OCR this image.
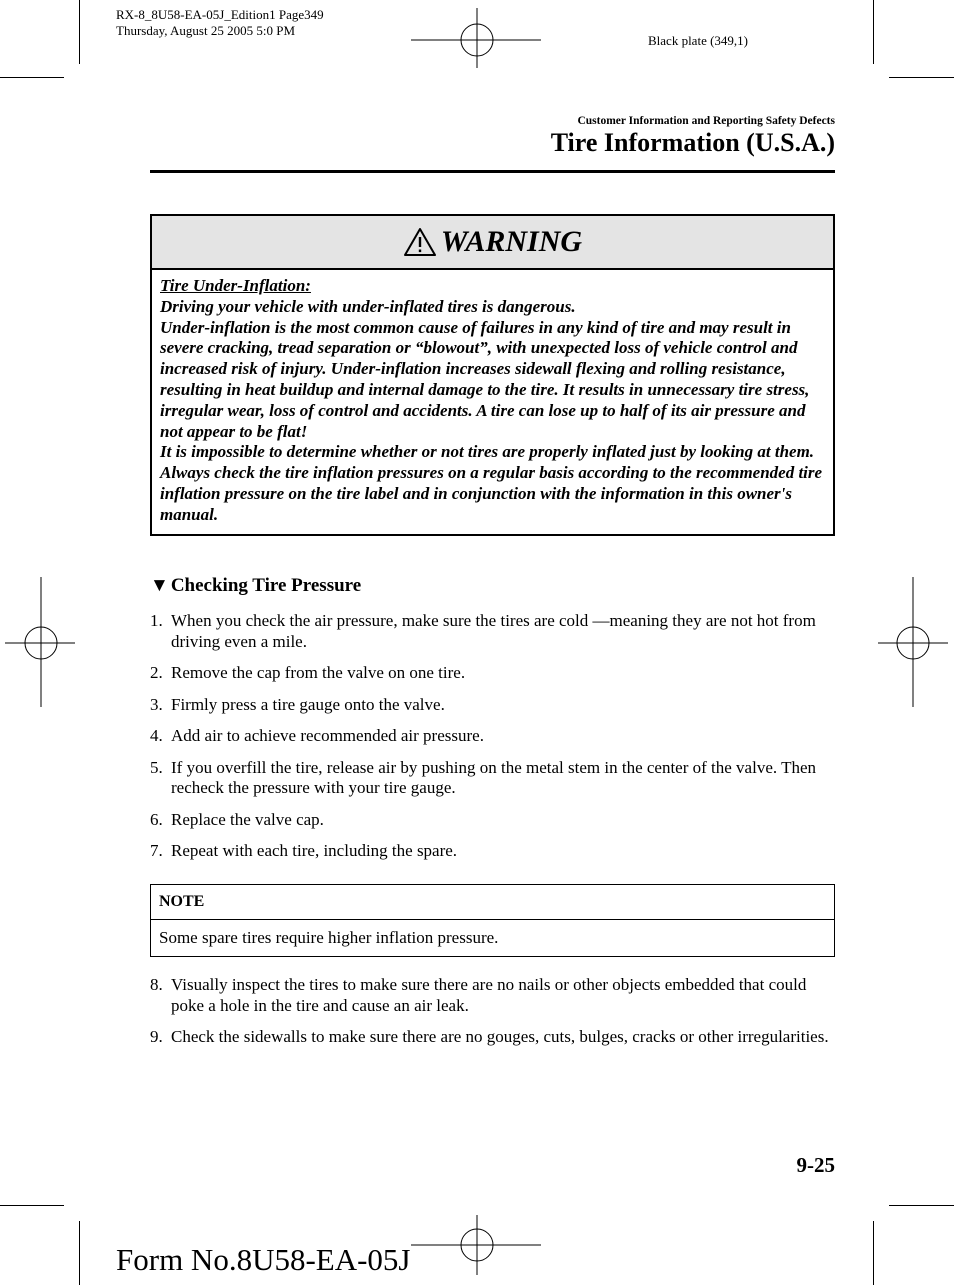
RX-8_8U58-EA-05J_Edition1 Page349
Thursday, August 25 2005 5:0 PM
Black plate (349,1)
Customer Information and Reporting Safety Defects
Tire Information (U.S.A.)
WARNING

Tire Under-Inflation:

Driving your vehicle with under-inflated tires is dangerous.

Under-inflation is the most common cause of failures in any kind of tire and may result in severe cracking, tread separation or “blowout”, with unexpected loss of vehicle control and increased risk of injury. Under-inflation increases sidewall flexing and rolling resistance, resulting in heat buildup and internal damage to the tire. It results in unnecessary tire stress, irregular wear, loss of control and accidents. A tire can lose up to half of its air pressure and not appear to be flat!

It is impossible to determine whether or not tires are properly inflated just by looking at them.

Always check the tire inflation pressures on a regular basis according to the recommended tire inflation pressure on the tire label and in conjunction with the information in this owner's manual.

▼ Checking Tire Pressure
1. When you check the air pressure, make sure the tires are cold ―meaning they are not hot from driving even a mile.
2. Remove the cap from the valve on one tire.
3. Firmly press a tire gauge onto the valve.
4. Add air to achieve recommended air pressure.
5. If you overfill the tire, release air by pushing on the metal stem in the center of the valve. Then recheck the pressure with your tire gauge.
6. Replace the valve cap.
7. Repeat with each tire, including the spare.
NOTE
Some spare tires require higher inflation pressure.
8. Visually inspect the tires to make sure there are no nails or other objects embedded that could poke a hole in the tire and cause an air leak.
9. Check the sidewalls to make sure there are no gouges, cuts, bulges, cracks or other irregularities.
9-25
Form No.8U58-EA-05J
